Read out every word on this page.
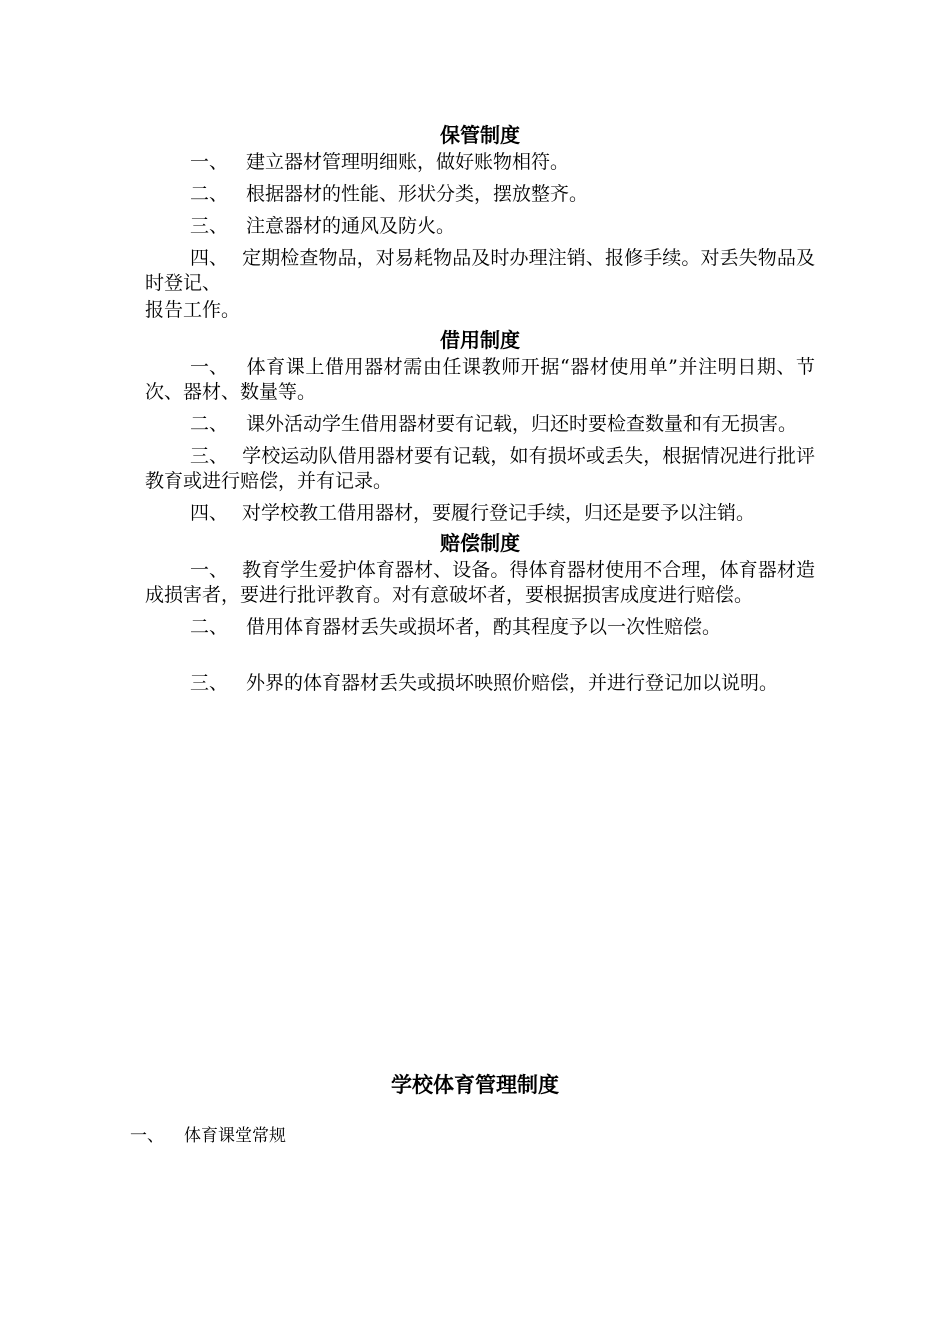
保管制度

一、 建立器材管理明细账，做好账物相符。

二、 根据器材的性能、形状分类，摆放整齐。

三、 注意器材的通风及防火。

四、 定期检查物品，对易耗物品及时办理注销、报修手续。对丢失物品及时登记、

报告工作。

借用制度

一、 体育课上借用器材需由任课教师开据“器材使用单”并注明日期、节次、器材、数量等。

二、 课外活动学生借用器材要有记载，归还时要检查数量和有无损害。

三、 学校运动队借用器材要有记载，如有损坏或丢失，根据情况进行批评教育或进行赔偿，并有记录。

四、 对学校教工借用器材，要履行登记手续，归还是要予以注销。

赔偿制度

一、 教育学生爱护体育器材、设备。得体育器材使用不合理，体育器材造成损害者，要进行批评教育。对有意破坏者，要根据损害成度进行赔偿。

二、 借用体育器材丢失或损坏者，酌其程度予以一次性赔偿。

三、 外界的体育器材丢失或损坏映照价赔偿，并进行登记加以说明。

学校体育管理制度

一、 体育课堂常规
